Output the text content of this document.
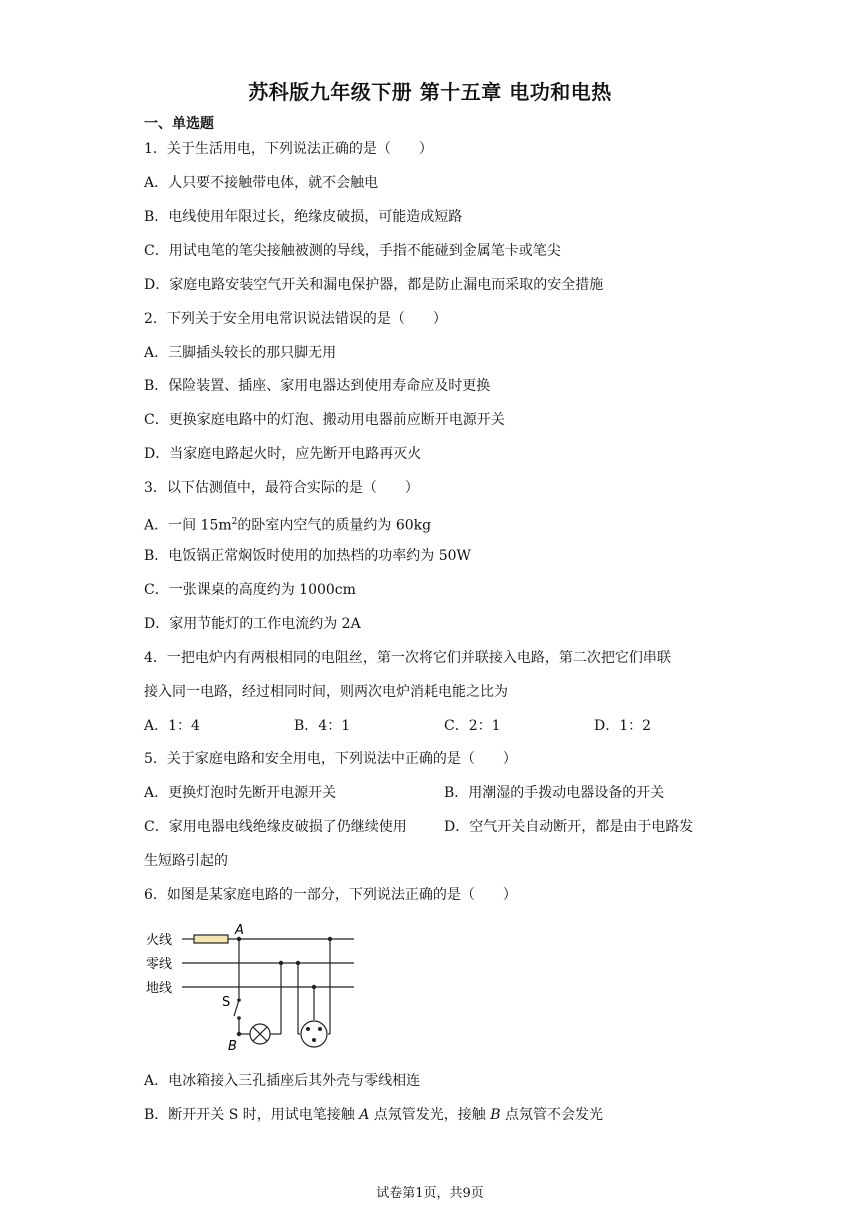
苏科版九年级下册 第十五章 电功和电热
一、单选题
1．关于生活用电，下列说法正确的是（　　）
A．人只要不接触带电体，就不会触电
B．电线使用年限过长，绝缘皮破损，可能造成短路
C．用试电笔的笔尖接触被测的导线，手指不能碰到金属笔卡或笔尖
D．家庭电路安装空气开关和漏电保护器，都是防止漏电而采取的安全措施
2．下列关于安全用电常识说法错误的是（　　）
A．三脚插头较长的那只脚无用
B．保险装置、插座、家用电器达到使用寿命应及时更换
C．更换家庭电路中的灯泡、搬动用电器前应断开电源开关
D．当家庭电路起火时，应先断开电路再灭火
3．以下估测值中，最符合实际的是（　　）
A．一间 $15m^2$的卧室内空气的质量约为 60kg
B．电饭锅正常焖饭时使用的加热档的功率约为 50W
C．一张课桌的高度约为 1000cm
D．家用节能灯的工作电流约为 2A
4．一把电炉内有两根相同的电阻丝，第一次将它们并联接入电路，第二次把它们串联
接入同一电路，经过相同时间，则两次电炉消耗电能之比为
A．1：4	B．4：1	C．2：1	D．1：2
5．关于家庭电路和安全用电，下列说法中正确的是（　　）
A．更换灯泡时先断开电源开关	B．用潮湿的手拨动电器设备的开关
C．家用电器电线绝缘皮破损了仍继续使用	D．空气开关自动断开，都是由于电路发
生短路引起的
6．如图是某家庭电路的一部分，下列说法正确的是（　　）
火线
零线
地线
A
S
B
A．电冰箱接入三孔插座后其外壳与零线相连
B．断开开关 S 时，用试电笔接触 A 点氖管发光，接触 B 点氖管不会发光
试卷第1页，共9页
